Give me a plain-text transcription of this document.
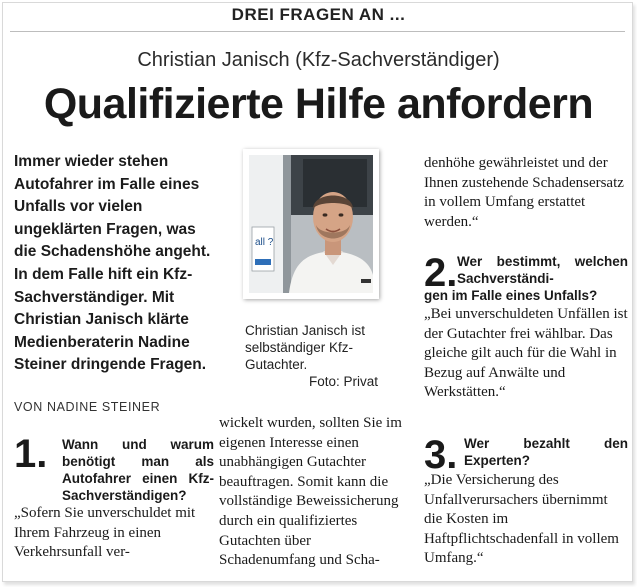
DREI FRAGEN AN ...
Christian Janisch (Kfz-Sachverständiger)
Qualifizierte Hilfe anfordern
Immer wieder stehen Autofahrer im Falle eines Unfalls vor vielen ungeklärten Fragen, was die Schadenshöhe angeht. In dem Falle hift ein Kfz-Sachverständiger. Mit Christian Janisch klärte Medienberaterin Nadine Steiner dringende Fragen.
VON NADINE STEINER
all ?
Christian Janisch ist selbständiger Kfz-Gutachter.
Foto: Privat
1.	Wann und warum benötigt man als Autofahrer einen Kfz-Sachverständigen?
„Sofern Sie unverschuldet mit Ihrem Fahrzeug in einen Verkehrsunfall ver-
wickelt wurden, sollten Sie im eigenen Interesse einen unabhängigen Gutachter beauftragen. Somit kann die vollständige Beweissicherung durch ein qualifiziertes Gutachten über Schadenumfang und Scha-
denhöhe gewährleistet und der Ihnen zustehende Schadensersatz in vollem Umfang erstattet werden.“
2. Wer bestimmt, welchen Sachverständi-
gen im Falle eines Unfalls?
„Bei unverschuldeten Unfällen ist der Gutachter frei wählbar. Das gleiche gilt auch für die Wahl in Bezug auf Anwälte und Werkstätten.“
3. Wer bezahlt den Experten?
„Die Versicherung des Unfallverursachers übernimmt die Kosten im Haftpflichtschadenfall in vollem Umfang.“
